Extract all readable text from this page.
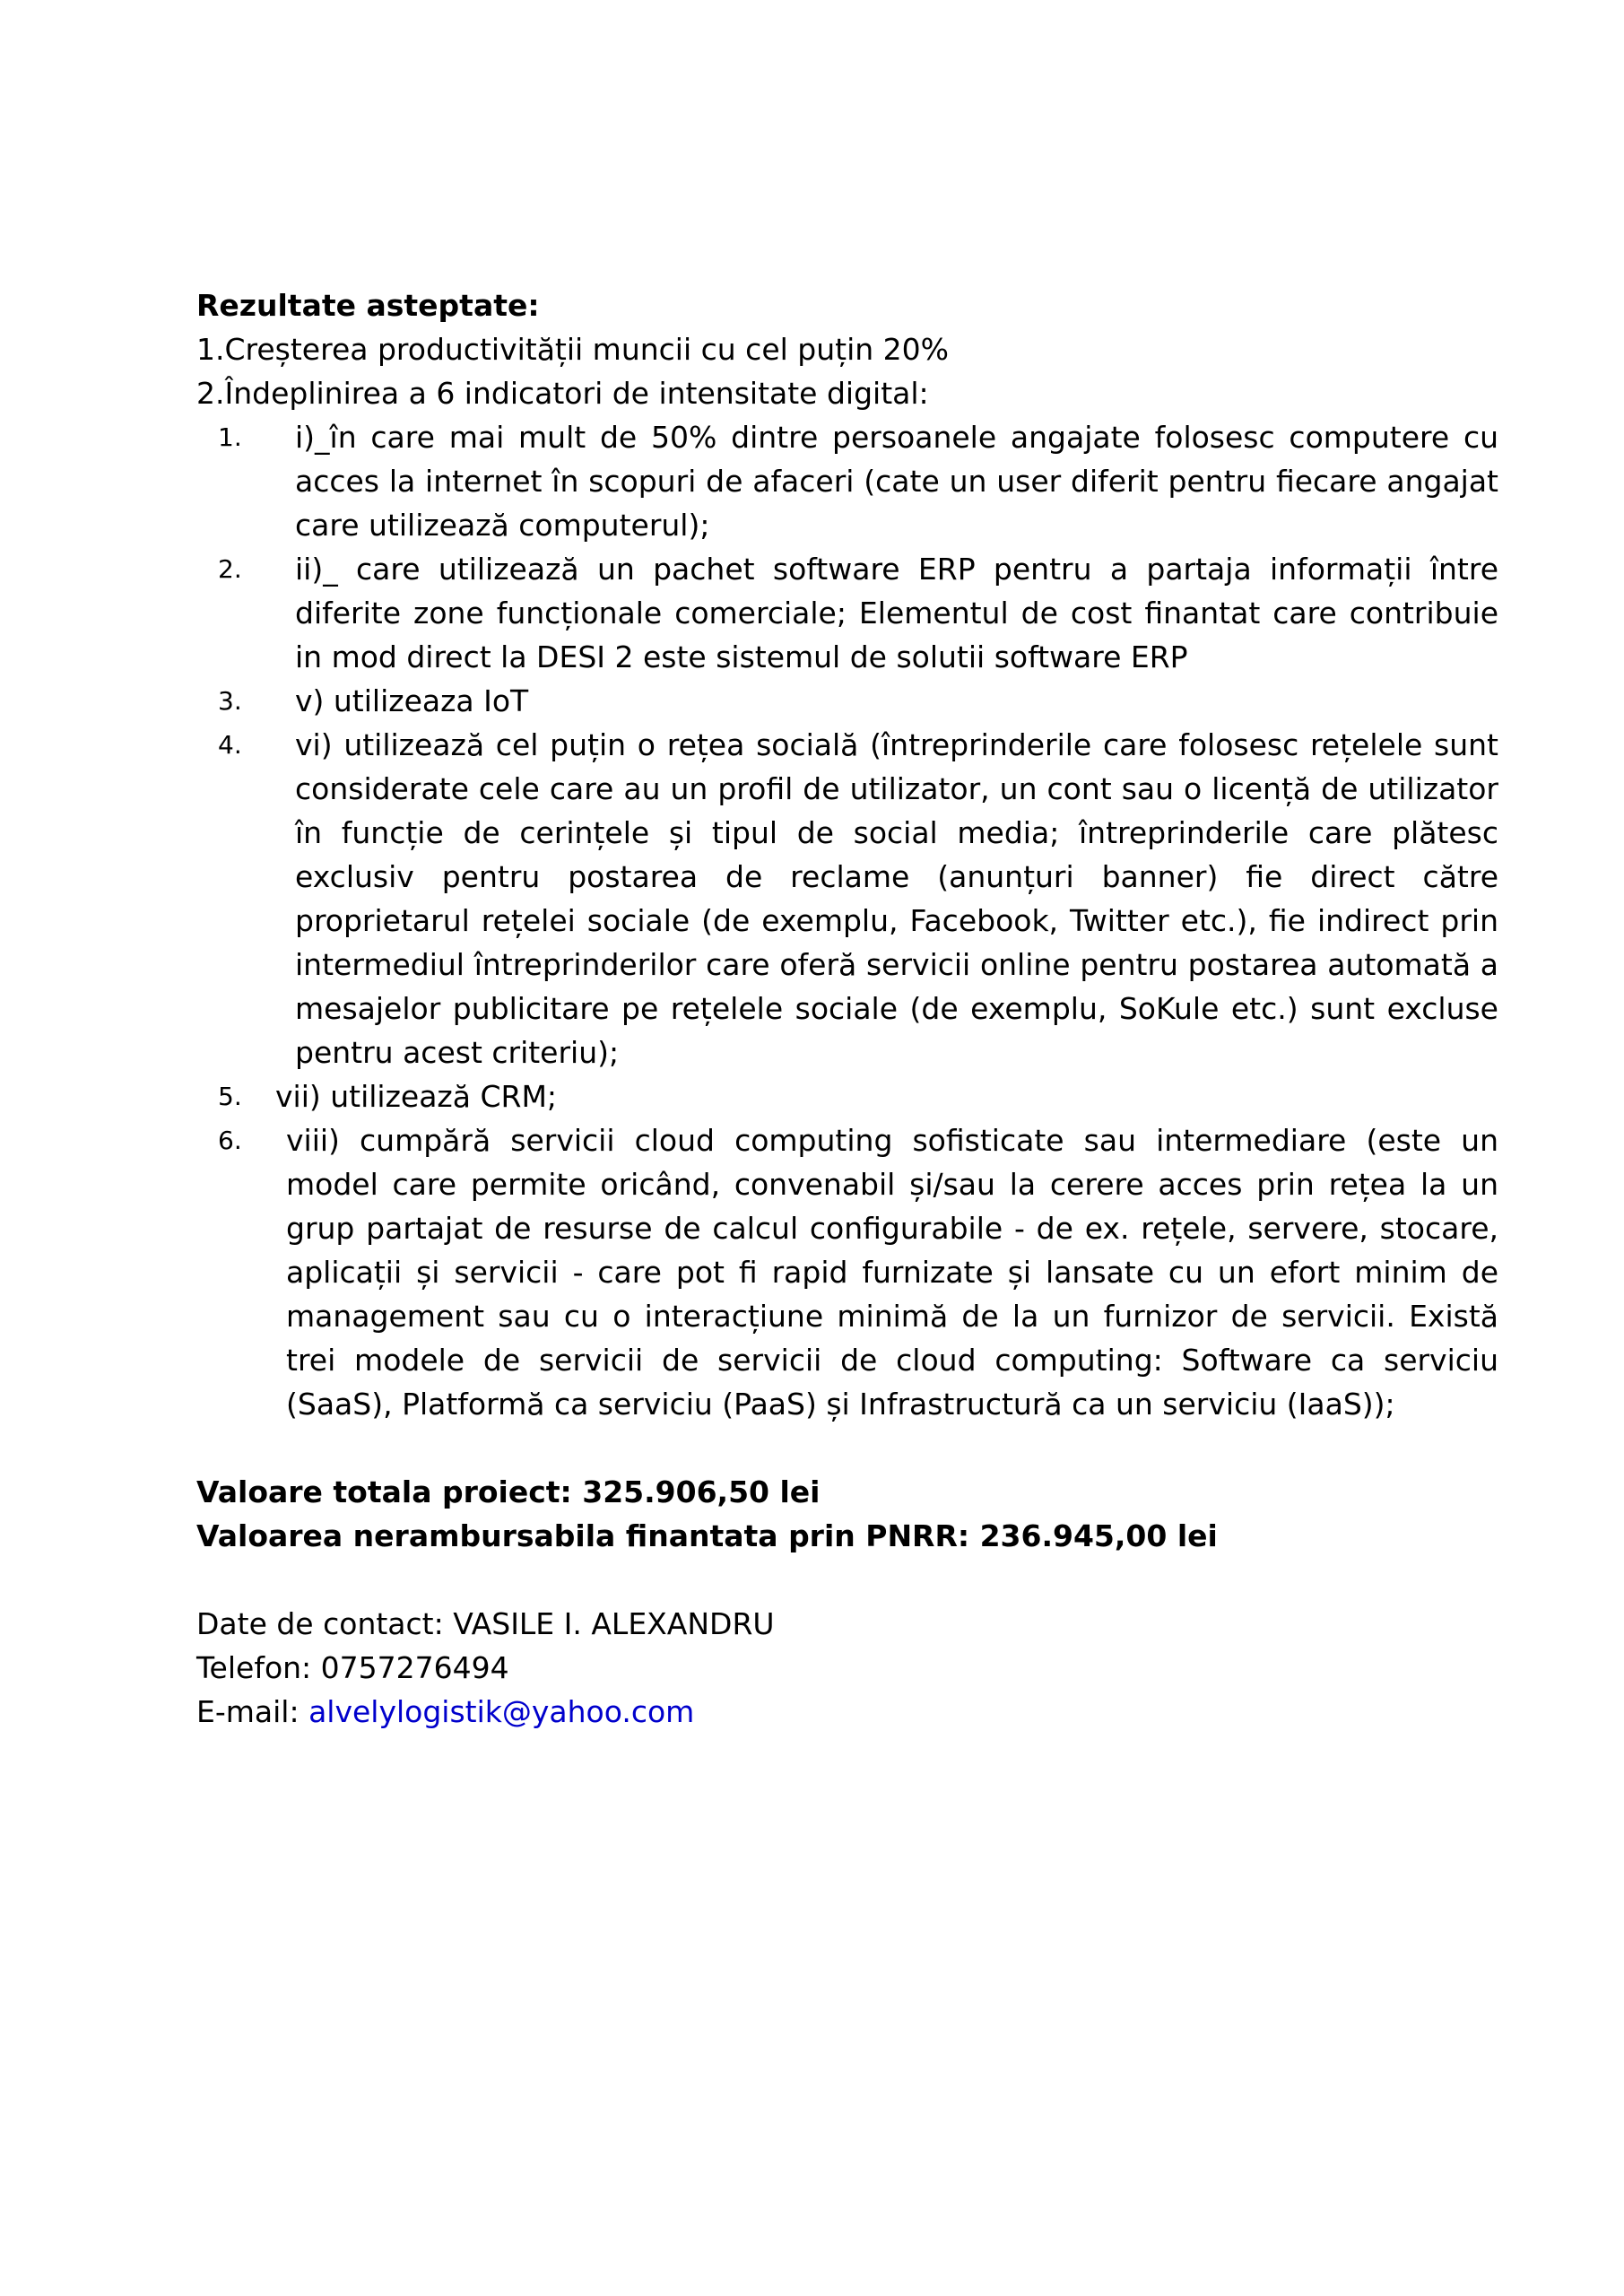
Rezultate asteptate:

1.Creșterea productivității muncii cu cel puțin 20%

2.Îndeplinirea a 6 indicatori de intensitate digital:

1. i)_în care mai mult de 50% dintre persoanele angajate folosesc computere cu acces la internet în scopuri de afaceri (cate un user diferit pentru fiecare angajat care utilizează computerul);
2. ii)_ care utilizează un pachet software ERP pentru a partaja informații între diferite zone funcționale comerciale; Elementul de cost finantat care contribuie in mod direct la DESI 2 este sistemul de solutii software ERP
3. v) utilizeaza IoT
4. vi) utilizează cel puțin o rețea socială (întreprinderile care folosesc rețelele sunt considerate cele care au un profil de utilizator, un cont sau o licență de utilizator în funcție de cerințele și tipul de social media; întreprinderile care plătesc exclusiv pentru postarea de reclame (anunțuri banner) fie direct către proprietarul rețelei sociale (de exemplu, Facebook, Twitter etc.), fie indirect prin intermediul întreprinderilor care oferă servicii online pentru postarea automată a mesajelor publicitare pe rețelele sociale (de exemplu, SoKule etc.) sunt excluse pentru acest criteriu);
5. vii) utilizează CRM;
6. viii) cumpără servicii cloud computing sofisticate sau intermediare (este un model care permite oricând, convenabil și/sau la cerere acces prin rețea la un grup partajat de resurse de calcul configurabile - de ex. rețele, servere, stocare, aplicații și servicii - care pot fi rapid furnizate și lansate cu un efort minim de management sau cu o interacțiune minimă de la un furnizor de servicii. Există trei modele de servicii de servicii de cloud computing: Software ca serviciu (SaaS), Platformă ca serviciu (PaaS) și Infrastructură ca un serviciu (IaaS));

Valoare totala proiect: 325.906,50 lei

Valoarea nerambursabila finantata prin PNRR: 236.945,00 lei

Date de contact: VASILE I. ALEXANDRU

Telefon: 0757276494

E-mail: alvelylogistik@yahoo.com
